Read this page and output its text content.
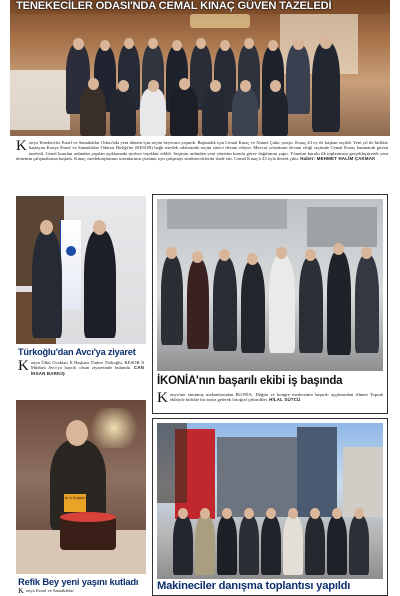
TENEKECİLER ODASI'NDA CEMAL KINAÇ GÜVEN TAZELEDİ
Konya Tenekeciler Esnaf ve Sanatkârlar Odası'nda yeni dönem için seçim heyecanı yaşandı. Başkanlık için Cemal Kınaç ve Ahmet Çakır yarıştı. Kınaç 43 oy ile başkan seçildi. Yeni yıl ile birlikte başlayan Konya Esnaf ve Sanatkârlar Odaları Birliği'ne (KESOB) bağlı meslek odalarında seçim süreci devam ediyor. Mevcut yönetimin devam ettiği seçimde Cemal Kınaç kazanarak güven tazeledi. Genel kurulun ardından yapılan açıklamada üyelere teşekkür edildi. Seçimin ardından yeni yönetim kurulu görev dağılımını yaptı. Yönetim kurulu ilk toplantısını gerçekleştirerek yeni dönemin çalışmalarına başladı. Kınaç, meslektaşlarının sorunlarının çözümü için çalışmayı sürdüreceklerini ifade etti. Cemal Kınaç'a 43 oyla destek çıktı. Haber: MEHMET HALİM ÇAKMAK
Türkoğlu'dan Avcı'ya ziyaret
Konya Ülkü Ocakları İl Başkanı Türker Türkoğlu, KESOB İl Müdürü Avcı'ya hayırlı olsun ziyaretinde bulundu. CAN İHSAN BARKIŞ
İKONİA'nın başarılı ekibi iş başında
Konya'nın tanınmış mekanlarından İKONİA, Düğün ve kongre merkezinin başarılı aşçılarından Ahmet Toprak ekibiyle birlikte bir araya gelerek fotoğraf çektirdiler. HİLAL SÜTCÜ
İyi ki Doğdun
Refik Bey yeni yaşını kutladı
Konya Esnaf ve Sanatkârlar	Makineciler danışma toplantısı yapıldı
